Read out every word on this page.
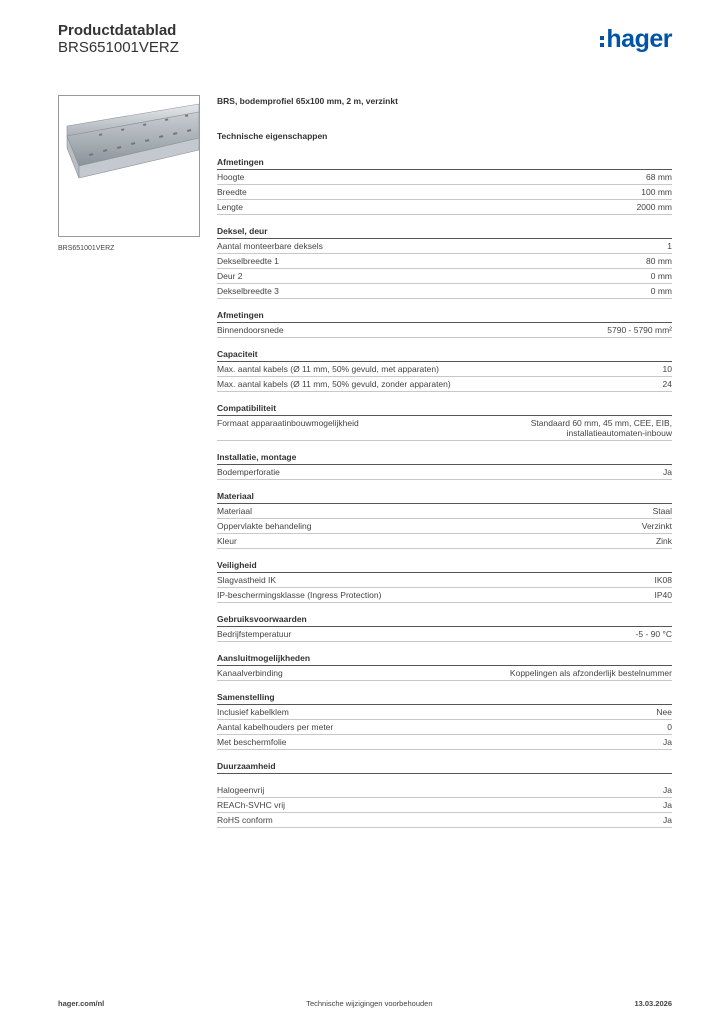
Productdatablad
BRS651001VERZ	hager
BRS651001VERZ
BRS, bodemprofiel 65x100 mm, 2 m, verzinkt
Technische eigenschappen
Afmetingen
Hoogte	68 mm
Breedte	100 mm
Lengte	2000 mm
Deksel, deur
Aantal monteerbare deksels	1
Dekselbreedte 1	80 mm
Deur 2	0 mm
Dekselbreedte 3	0 mm
Afmetingen
Binnendoorsnede	5790 - 5790 mm²
Capaciteit
Max. aantal kabels (Ø 11 mm, 50% gevuld, met apparaten)	10
Max. aantal kabels (Ø 11 mm, 50% gevuld, zonder apparaten)	24
Compatibiliteit
Formaat apparaatinbouwmogelijkheid	Standaard 60 mm, 45 mm, CEE, EIB,
installatieautomaten-inbouw
Installatie, montage
Bodemperforatie	Ja
Materiaal
Materiaal	Staal
Oppervlakte behandeling	Verzinkt
Kleur	Zink
Veiligheid
Slagvastheid IK	IK08
IP-beschermingsklasse (Ingress Protection)	IP40
Gebruiksvoorwaarden
Bedrijfstemperatuur	-5 - 90 °C
Aansluitmogelijkheden
Kanaalverbinding	Koppelingen als afzonderlijk bestelnummer
Samenstelling
Inclusief kabelklem	Nee
Aantal kabelhouders per meter	0
Met beschermfolie	Ja
Duurzaamheid
Halogeenvrij	Ja
REACh-SVHC vrij	Ja
RoHS conform	Ja
hager.com/nl	Technische wijzigingen voorbehouden	13.03.2026
